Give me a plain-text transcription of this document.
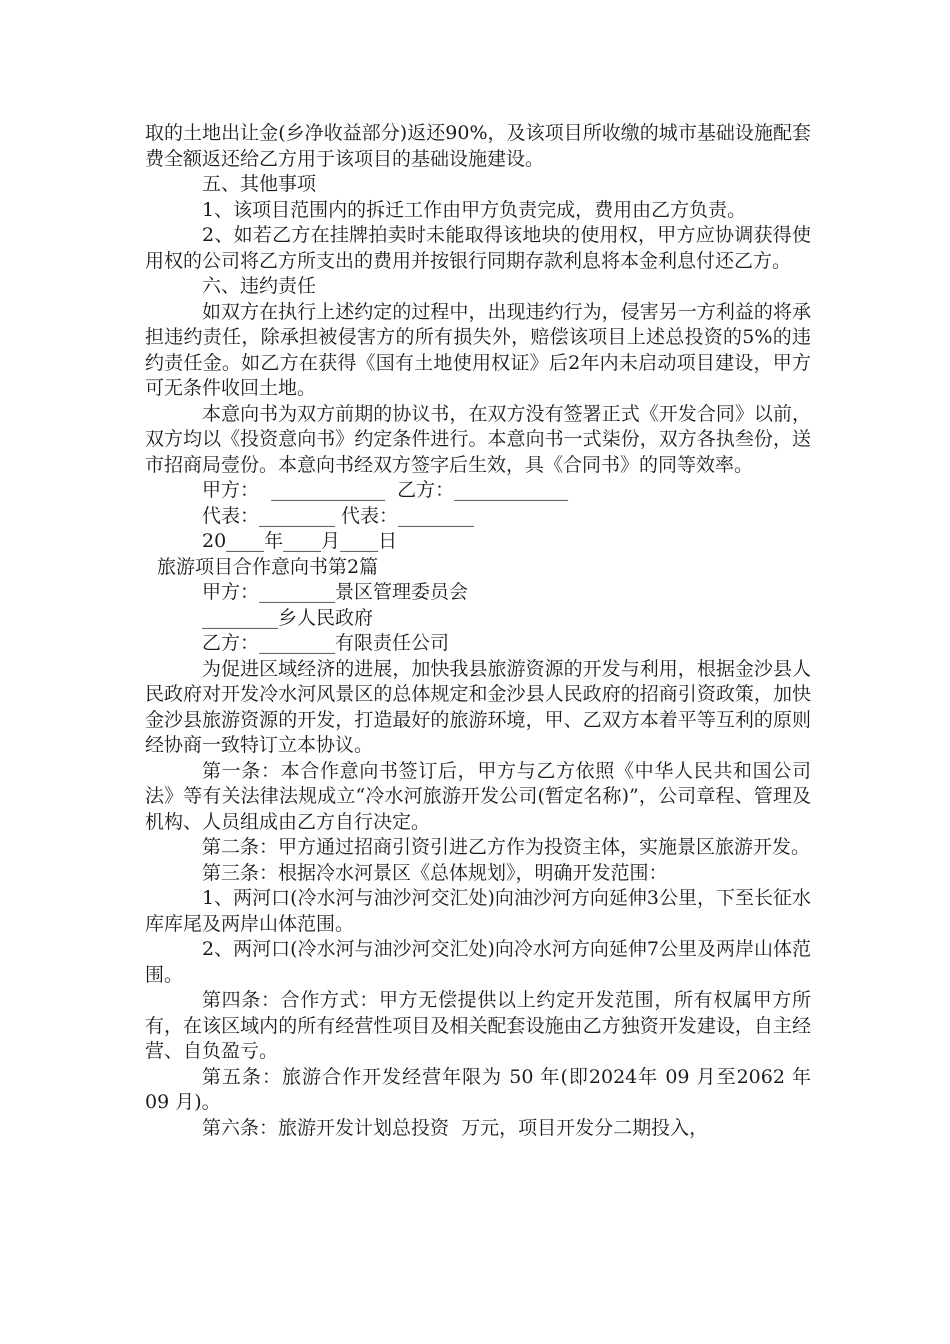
取的土地出让金(乡净收益部分)返还90%，及该项目所收缴的城市基础设施配套费全额返还给乙方用于该项目的基础设施建设。

五、其他事项

1、该项目范围内的拆迁工作由甲方负责完成，费用由乙方负责。

2、如若乙方在挂牌拍卖时未能取得该地块的使用权，甲方应协调获得使用权的公司将乙方所支出的费用并按银行同期存款利息将本金利息付还乙方。

六、违约责任

如双方在执行上述约定的过程中，出现违约行为，侵害另一方利益的将承担违约责任，除承担被侵害方的所有损失外，赔偿该项目上述总投资的5%的违约责任金。如乙方在获得《国有土地使用权证》后2年内未启动项目建设，甲方可无条件收回土地。

本意向书为双方前期的协议书，在双方没有签署正式《开发合同》以前，双方均以《投资意向书》约定条件进行。本意向书一式柒份，双方各执叁份，送市招商局壹份。本意向书经双方签字后生效，具《合同书》的同等效率。

甲方：  ____________  乙方：____________

代表：________ 代表：________

20____年____月____日

旅游项目合作意向书第2篇

甲方：________景区管理委员会

________乡人民政府

乙方：________有限责任公司

为促进区域经济的进展，加快我县旅游资源的开发与利用，根据金沙县人民政府对开发冷水河风景区的总体规定和金沙县人民政府的招商引资政策，加快金沙县旅游资源的开发，打造最好的旅游环境，甲、乙双方本着平等互利的原则经协商一致特订立本协议。

第一条：本合作意向书签订后，甲方与乙方依照《中华人民共和国公司法》等有关法律法规成立“冷水河旅游开发公司(暂定名称)”，公司章程、管理及机构、人员组成由乙方自行决定。

第二条：甲方通过招商引资引进乙方作为投资主体，实施景区旅游开发。

第三条：根据冷水河景区《总体规划》，明确开发范围：

1、两河口(冷水河与油沙河交汇处)向油沙河方向延伸3公里，下至长征水库库尾及两岸山体范围。

2、两河口(冷水河与油沙河交汇处)向冷水河方向延伸7公里及两岸山体范围。

第四条：合作方式：甲方无偿提供以上约定开发范围，所有权属甲方所有，在该区域内的所有经营性项目及相关配套设施由乙方独资开发建设，自主经营、自负盈亏。

第五条：旅游合作开发经营年限为 50 年(即2024年 09 月至2062 年 09 月)。

第六条：旅游开发计划总投资  万元，项目开发分二期投入，
